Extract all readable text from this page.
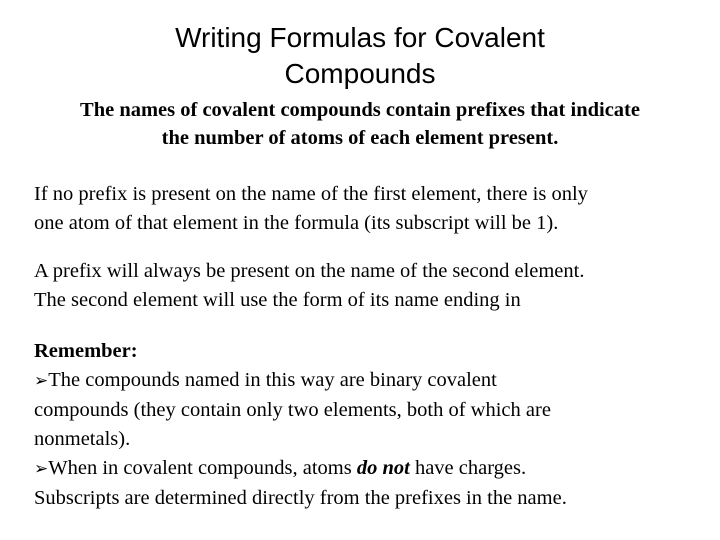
Writing Formulas for Covalent
Compounds
The names of covalent compounds contain prefixes that indicate
the number of atoms of each element present.
If no prefix is present on the name of the first element, there is only
one atom of that element in the formula (its subscript will be 1).
A prefix will always be present on the name of the second element.
The second element will use the form of its name ending in
Remember:
➢The compounds named in this way are binary covalent
compounds (they contain only two elements, both of which are
nonmetals).
➢When in covalent compounds, atoms do not have charges.
Subscripts are determined directly from the prefixes in the name.
